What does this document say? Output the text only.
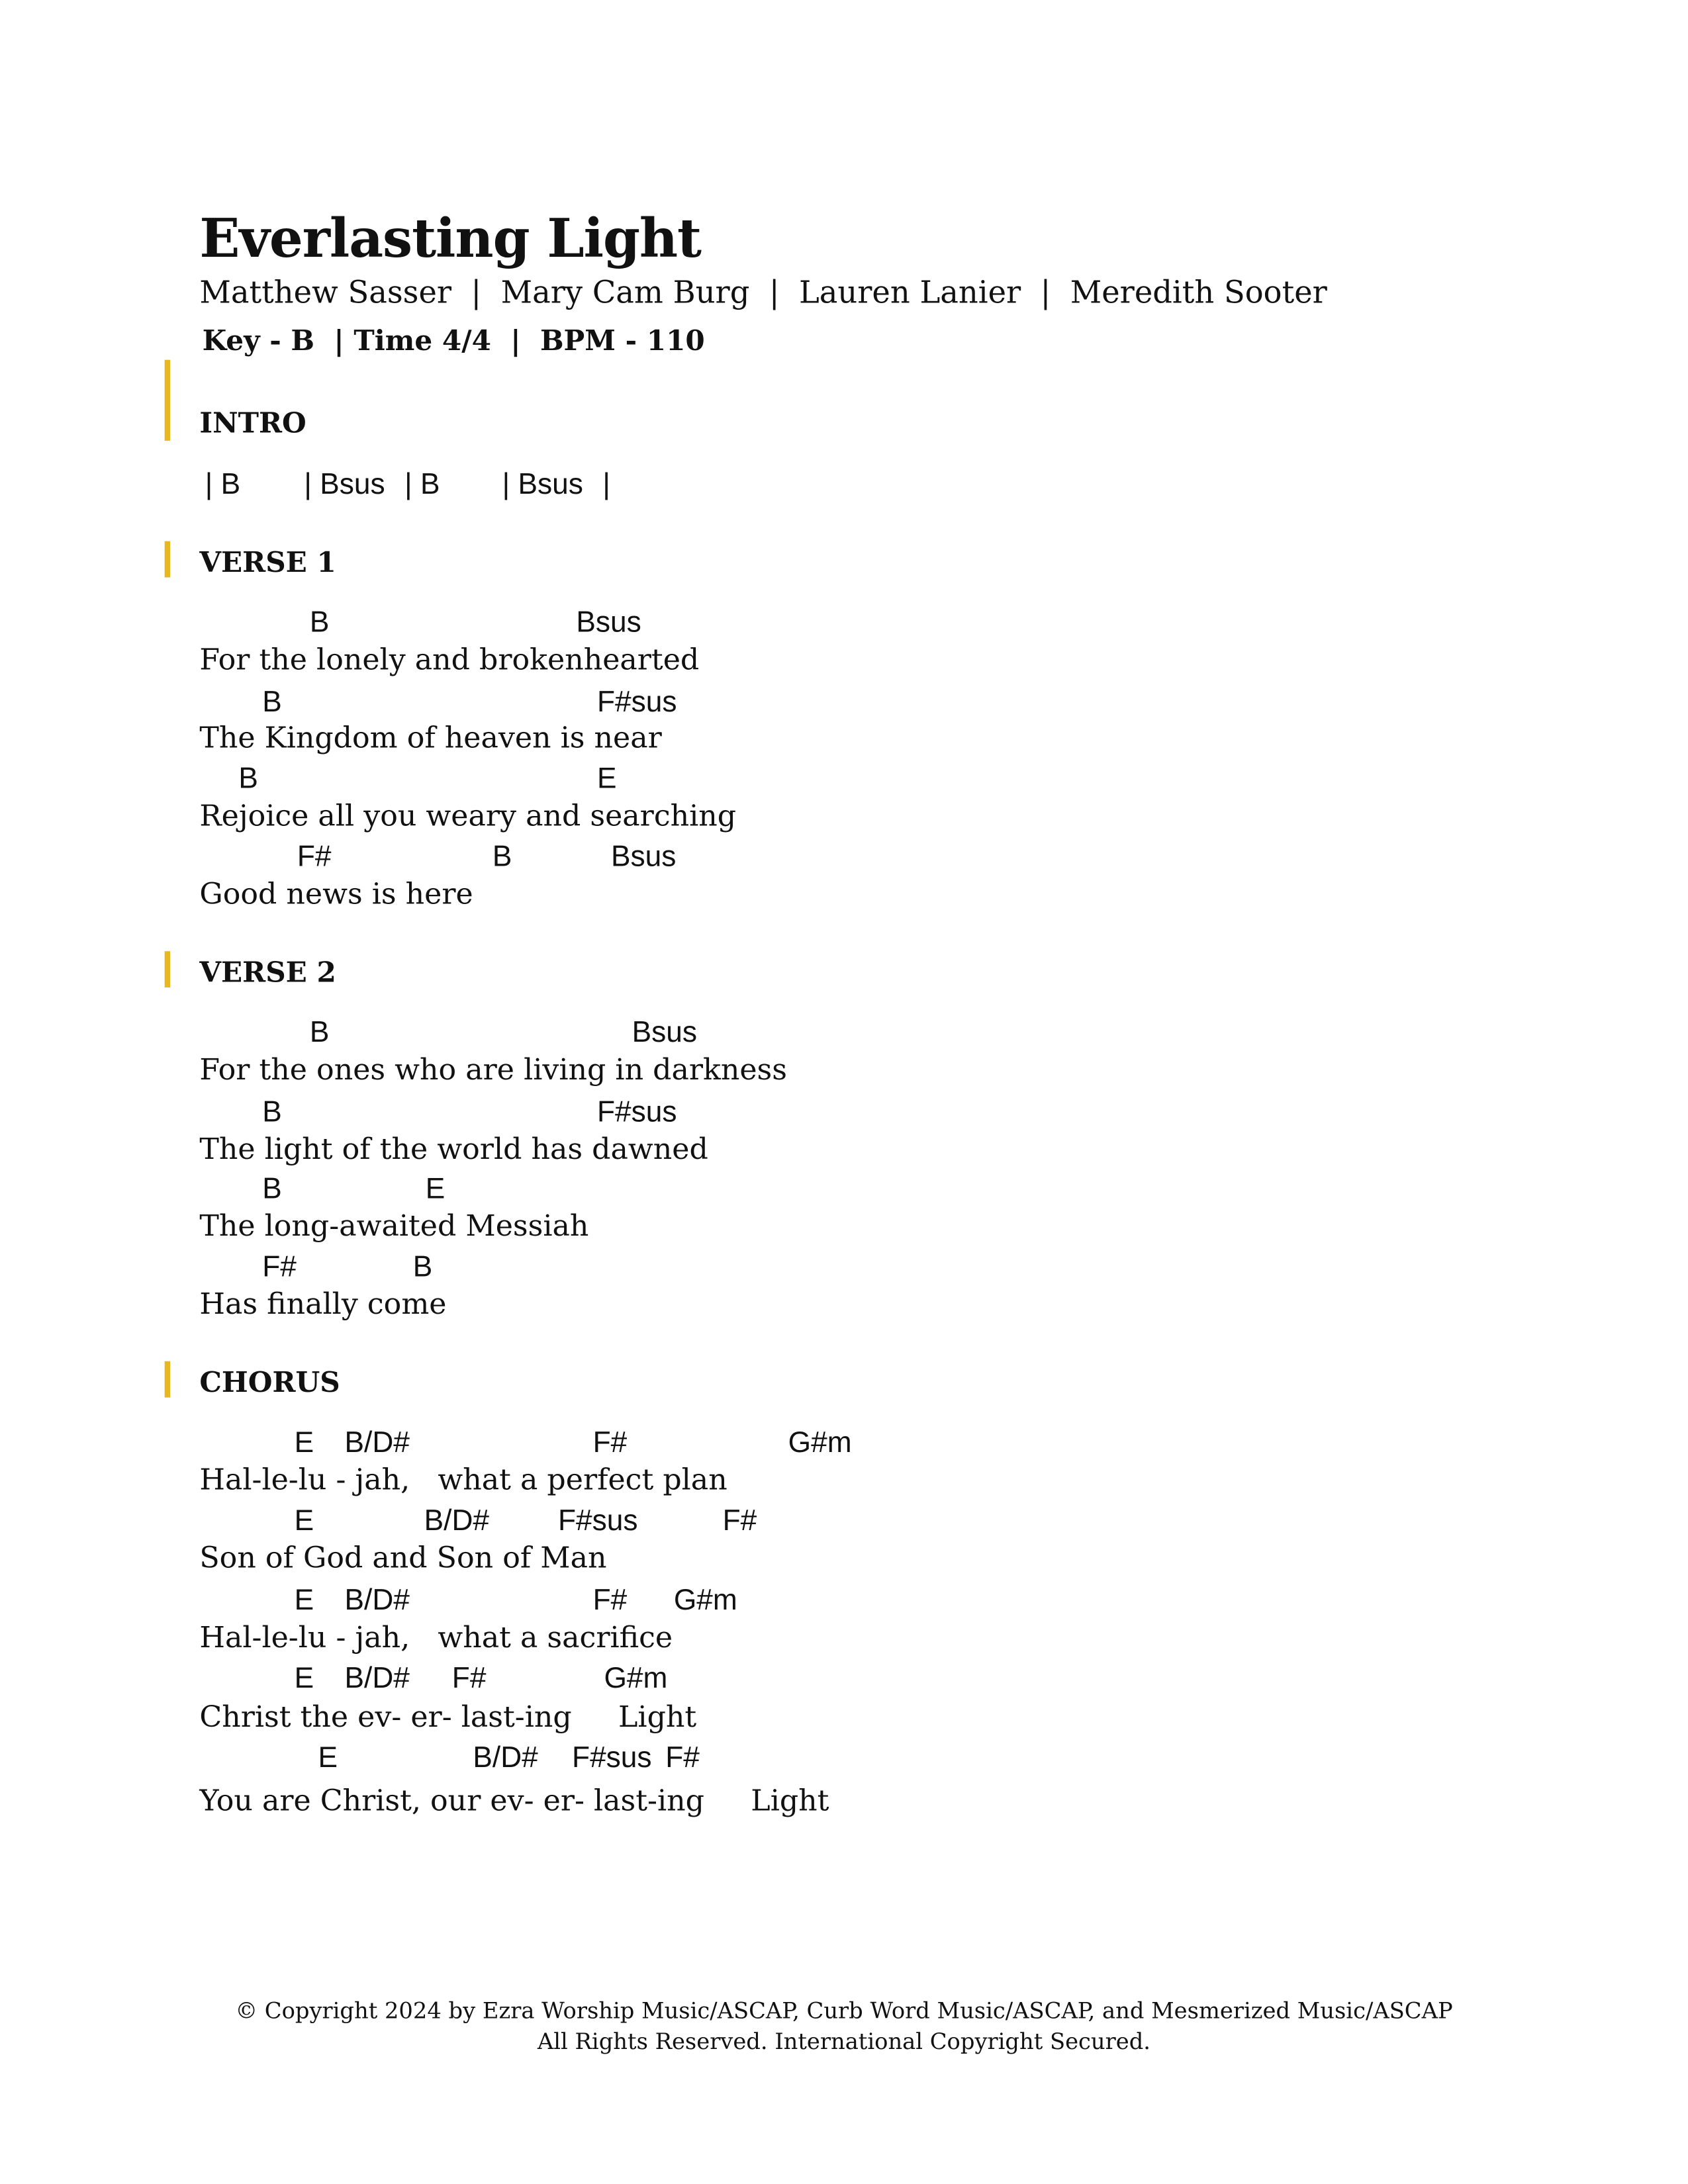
Everlasting Light
Matthew Sasser  |  Mary Cam Burg  |  Lauren Lanier  |  Meredith Sooter
Key - B  | Time 4/4  |  BPM - 110
INTRO
| B	| Bsus | B	| Bsus |
VERSE 1
B	Bsus
For the lonely and brokenhearted
B	F#sus
The Kingdom of heaven is near
B	E
Rejoice all you weary and searching
F#	B	Bsus
Good news is here
VERSE 2
B	Bsus
For the ones who are living in darkness
B	F#sus
The light of the world has dawned
B	E
The long-awaited Messiah
F#	B
Has finally come
CHORUS
E B/D#	F#	G#m
Hal-le-lu - jah,   what a perfect plan
E	B/D#	F#sus	F#
Son of God and Son of Man
E B/D#	F#	G#m
Hal-le-lu - jah,   what a sacrifice
E B/D#	F#	G#m
Christ the ev- er- last-ing     Light
E	B/D# F#sus F#
You are Christ, our ev- er- last-ing     Light
© Copyright 2024 by Ezra Worship Music/ASCAP, Curb Word Music/ASCAP, and Mesmerized Music/ASCAP
All Rights Reserved. International Copyright Secured.
